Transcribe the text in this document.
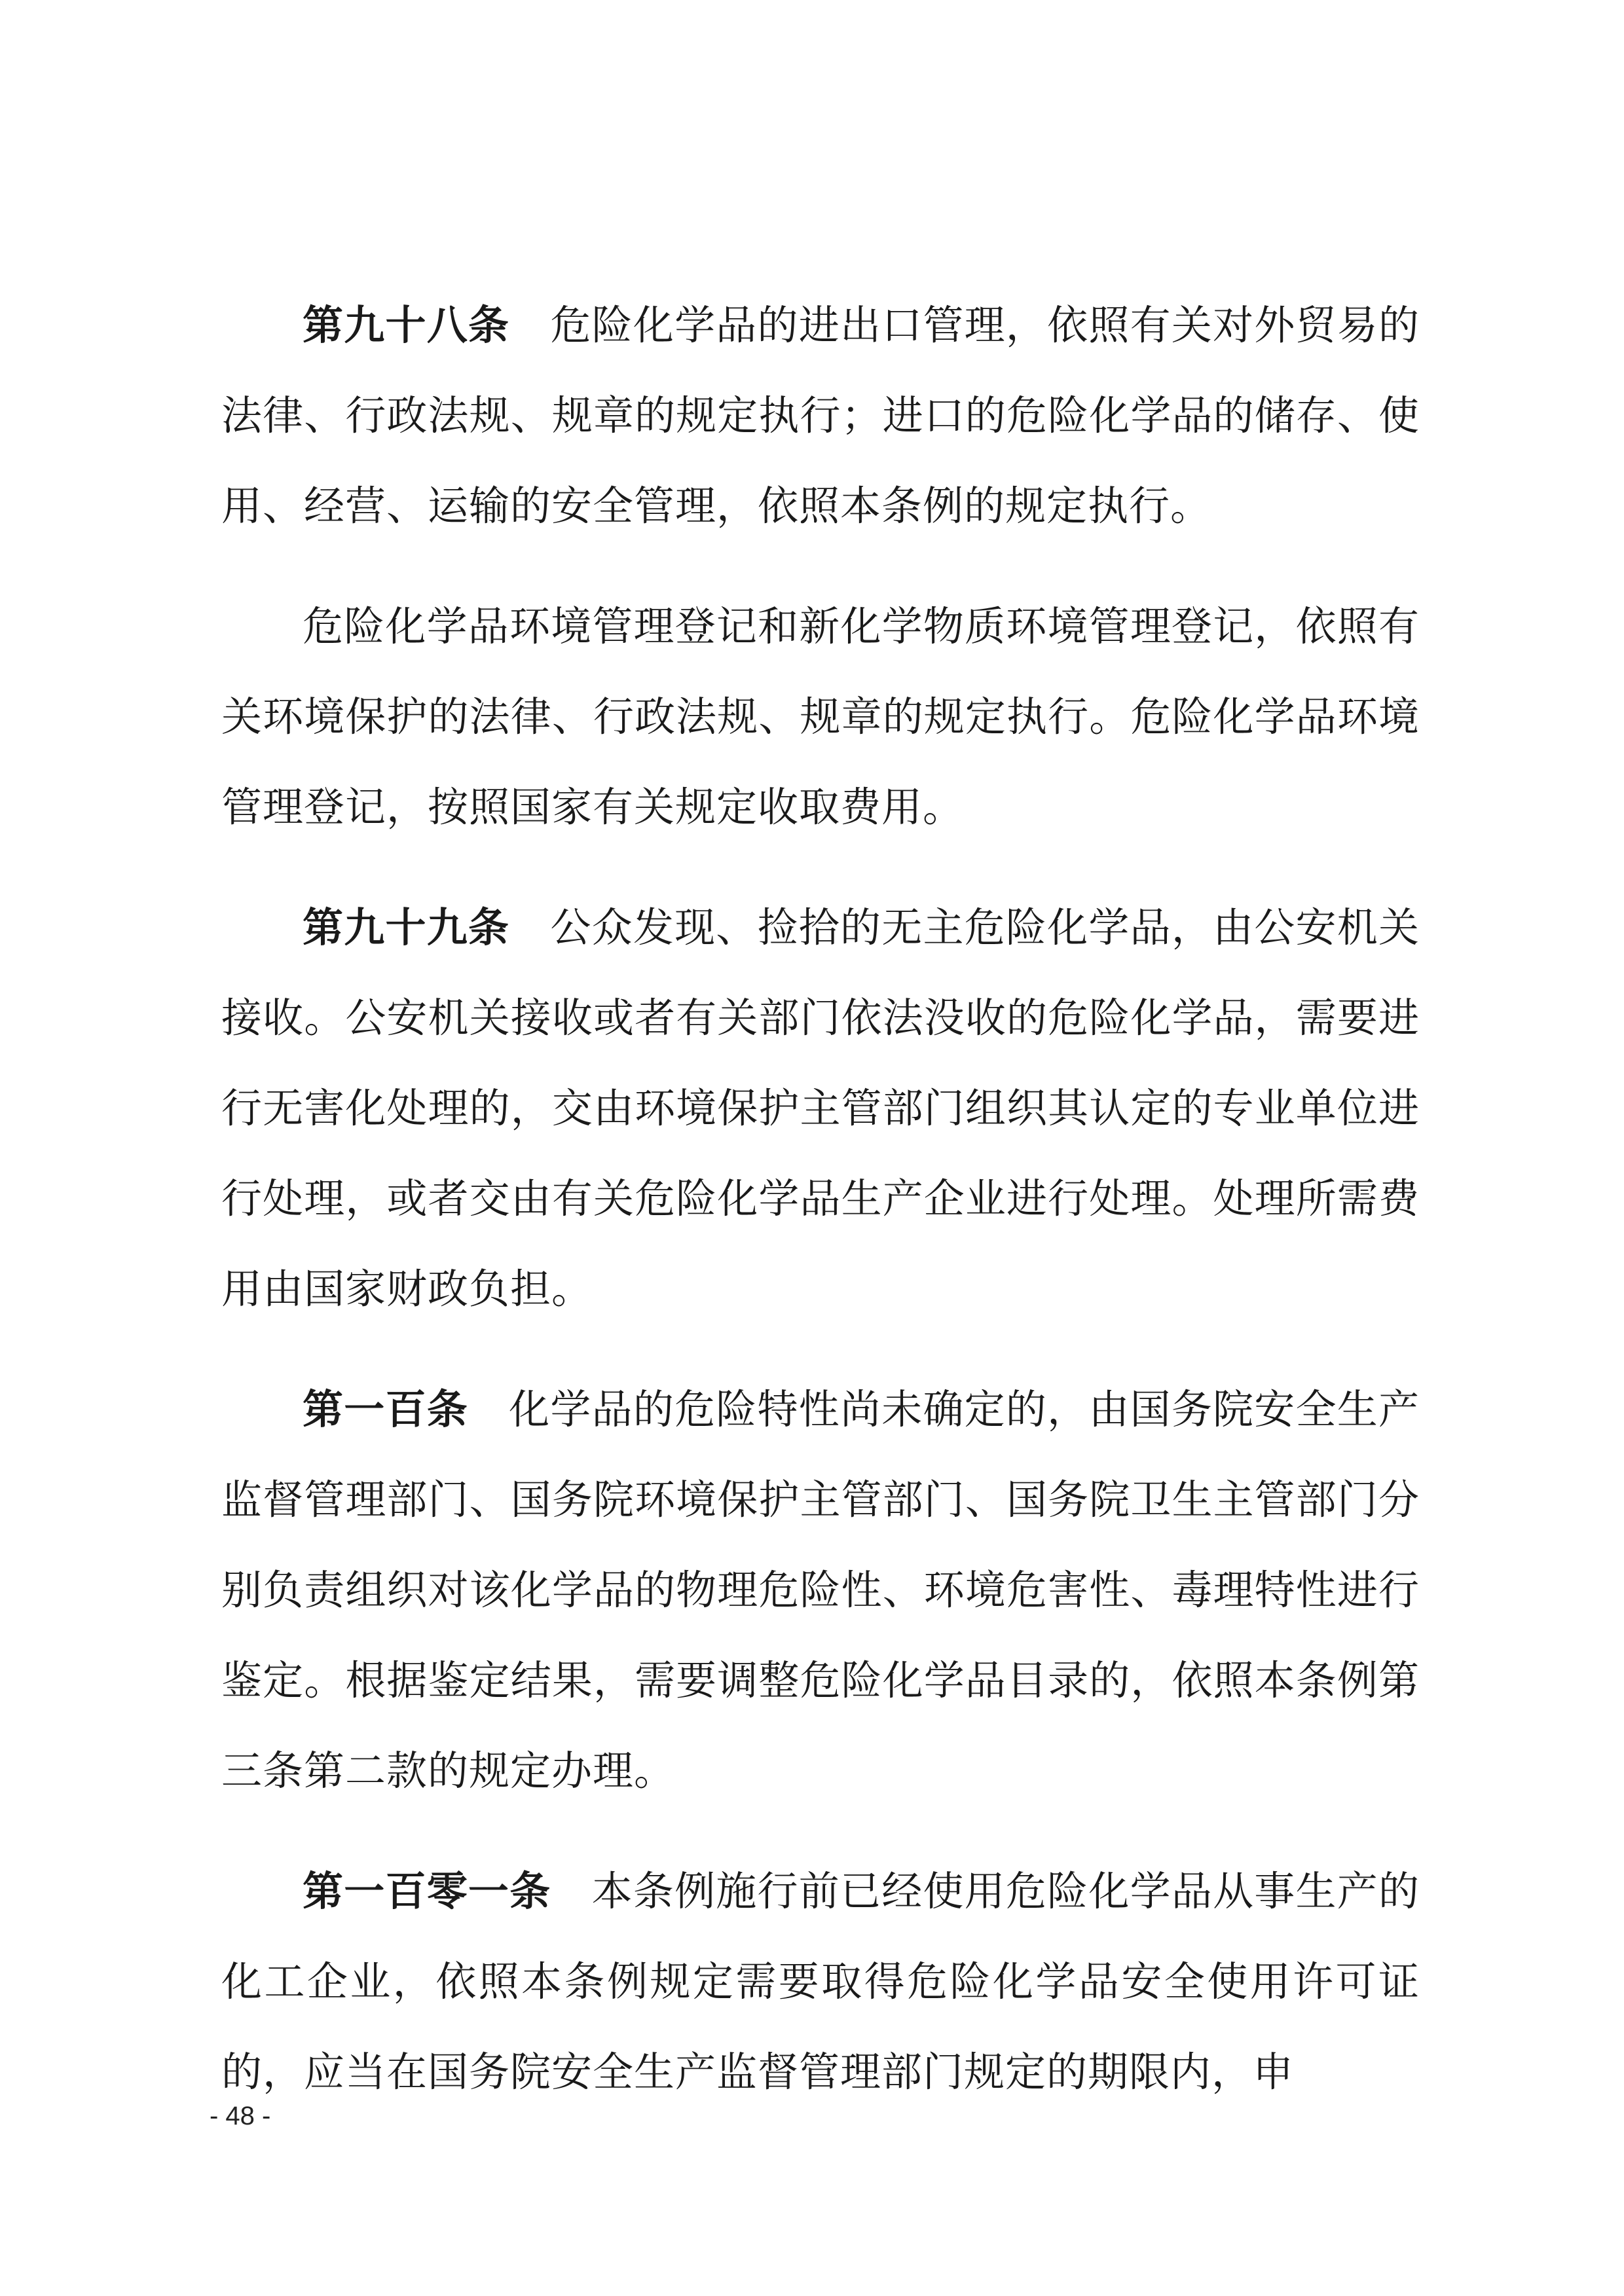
第九十八条 危险化学品的进出口管理，依照有关对外贸易的法律、行政法规、规章的规定执行；进口的危险化学品的储存、使用、经营、运输的安全管理，依照本条例的规定执行。

危险化学品环境管理登记和新化学物质环境管理登记，依照有关环境保护的法律、行政法规、规章的规定执行。危险化学品环境管理登记，按照国家有关规定收取费用。

第九十九条 公众发现、捡拾的无主危险化学品，由公安机关接收。公安机关接收或者有关部门依法没收的危险化学品，需要进行无害化处理的，交由环境保护主管部门组织其认定的专业单位进行处理，或者交由有关危险化学品生产企业进行处理。处理所需费用由国家财政负担。

第一百条 化学品的危险特性尚未确定的，由国务院安全生产监督管理部门、国务院环境保护主管部门、国务院卫生主管部门分别负责组织对该化学品的物理危险性、环境危害性、毒理特性进行鉴定。根据鉴定结果，需要调整危险化学品目录的，依照本条例第三条第二款的规定办理。

第一百零一条 本条例施行前已经使用危险化学品从事生产的化工企业，依照本条例规定需要取得危险化学品安全使用许可证的，应当在国务院安全生产监督管理部门规定的期限内，申

- 48 -
